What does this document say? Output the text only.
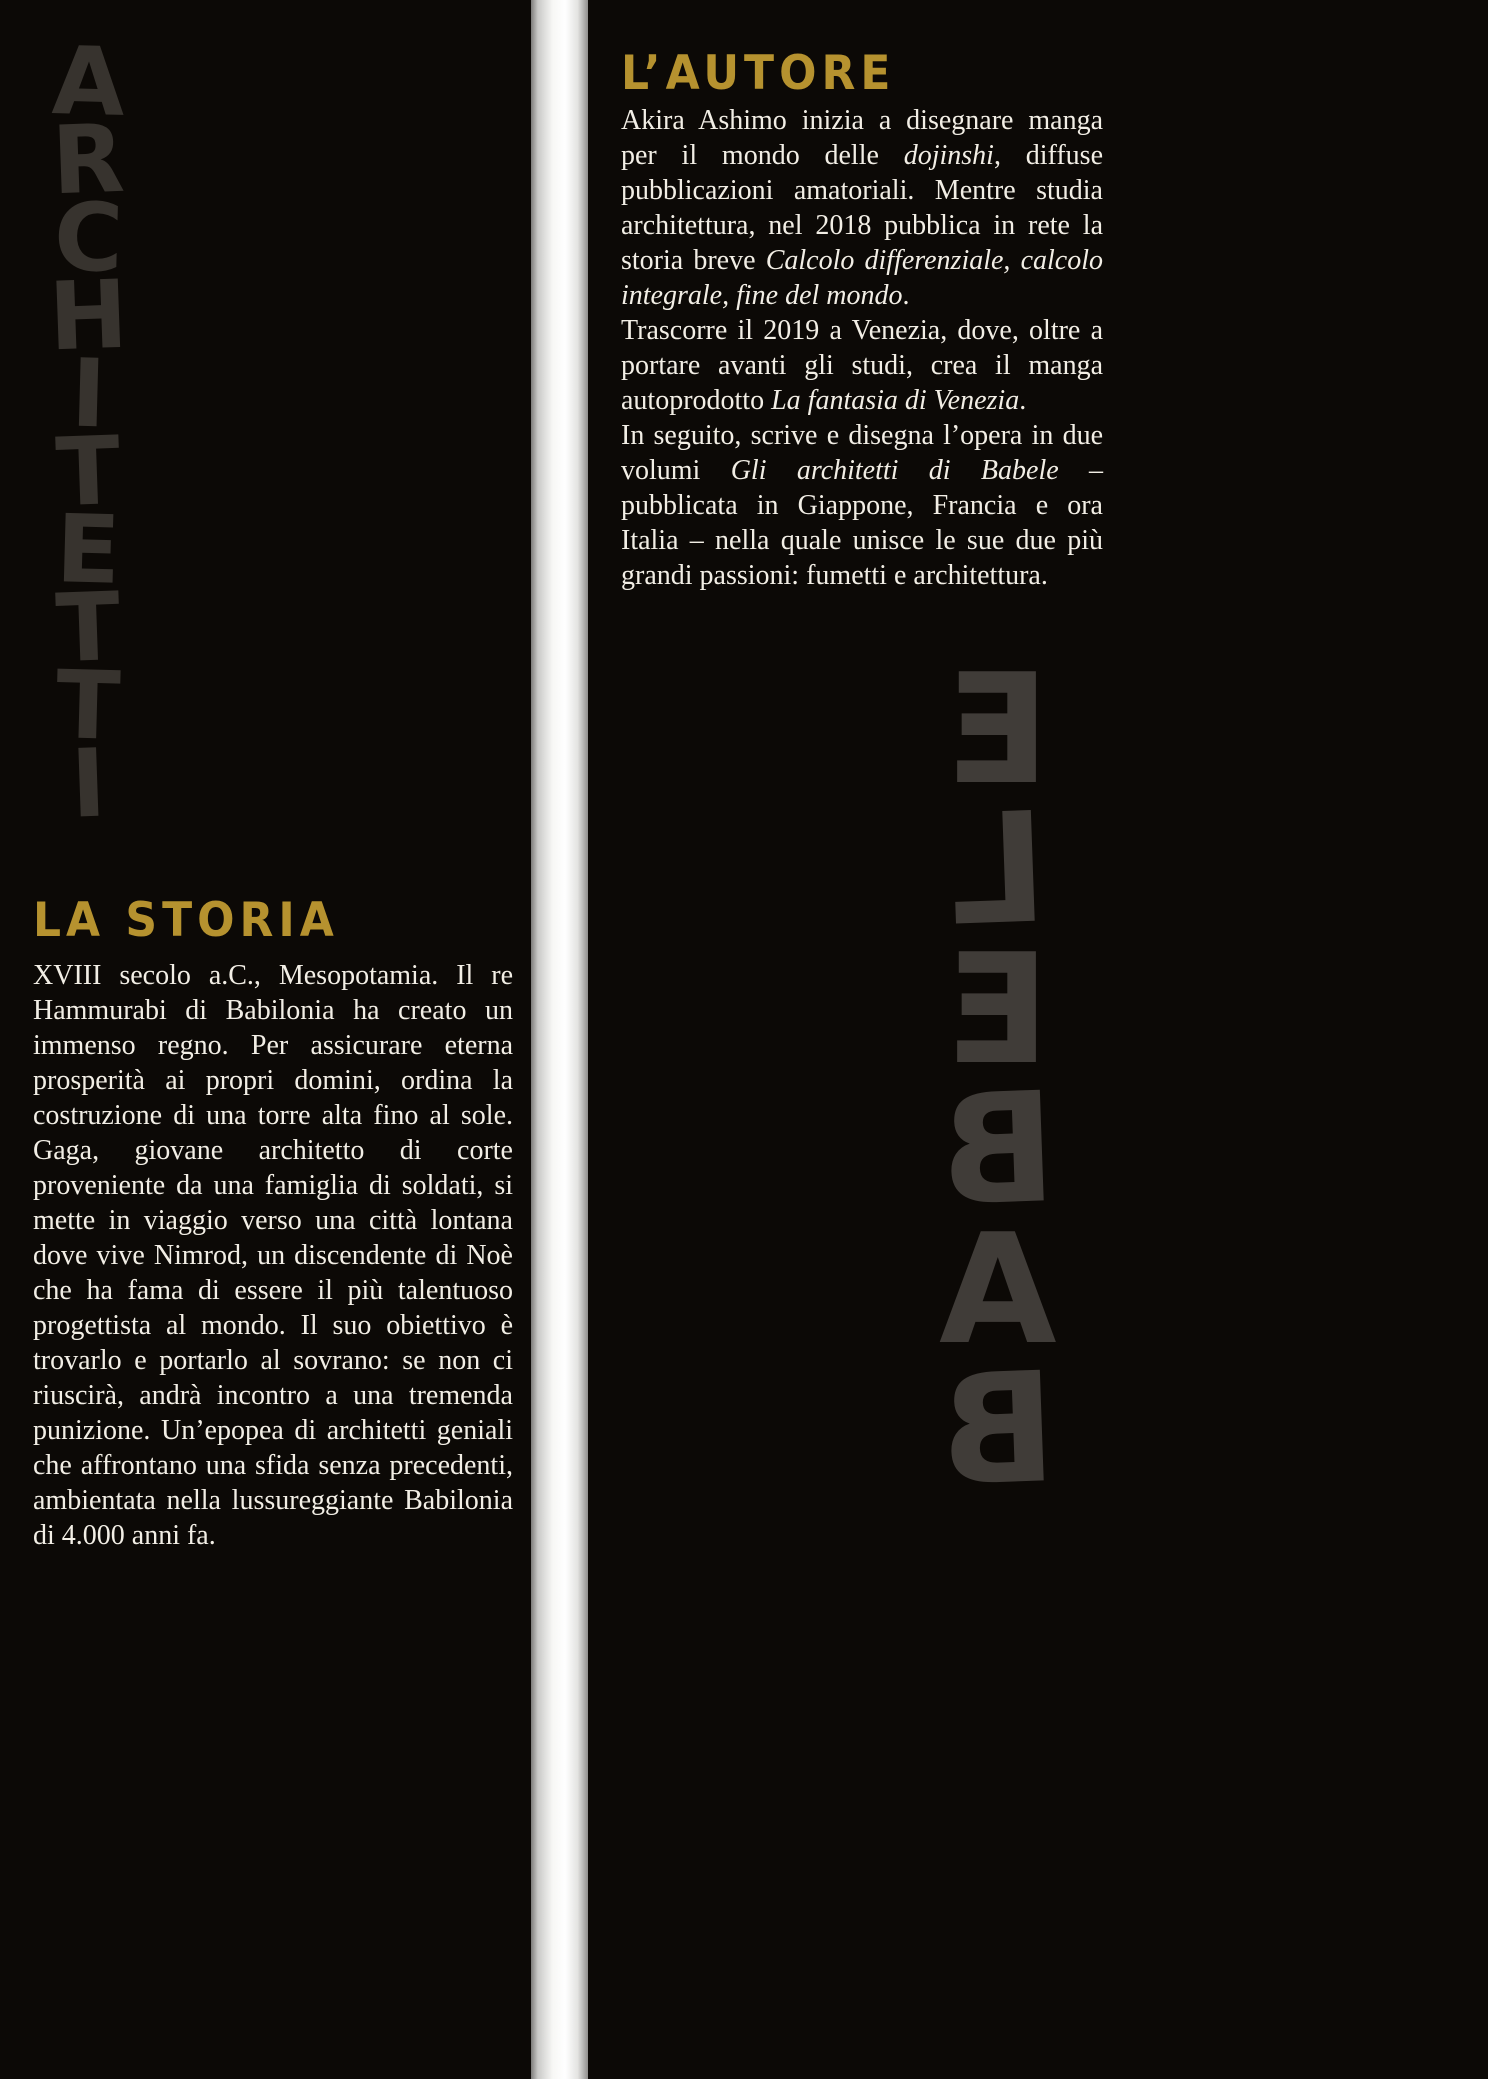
A
R
C
H
I
T
E
T
T
I
LA STORIA

XVIII secolo a.C., Mesopotamia. Il re Hammurabi di Babilonia ha creato un immenso regno. Per assicurare eterna prosperità ai propri domini, ordina la costruzione di una torre alta fino al sole. Gaga, giovane architetto di corte proveniente da una famiglia di soldati, si mette in viaggio verso una città lontana dove vive Nimrod, un discendente di Noè che ha fama di essere il più talentuoso progettista al mondo. Il suo obiettivo è trovarlo e portarlo al sovrano: se non ci riuscirà, andrà incontro a una tremenda punizione. Un’epopea di architetti geniali che affrontano una sfida senza precedenti, ambientata nella lussureggiante Babilonia di 4.000 anni fa.

L’AUTORE

Akira Ashimo inizia a disegnare manga per il mondo delle dojinshi, diffuse pubblicazioni amatoriali. Mentre studia architettura, nel 2018 pubblica in rete la storia breve Calcolo differenziale, calcolo integrale, fine del mondo.

Trascorre il 2019 a Venezia, dove, oltre a portare avanti gli studi, crea il manga autoprodotto La fantasia di Venezia.

In seguito, scrive e disegna l’opera in due volumi Gli architetti di Babele – pubblicata in Giappone, Francia e ora Italia – nella quale unisce le sue due più grandi passioni: fumetti e architettura.

E
L
E
B
A
B
